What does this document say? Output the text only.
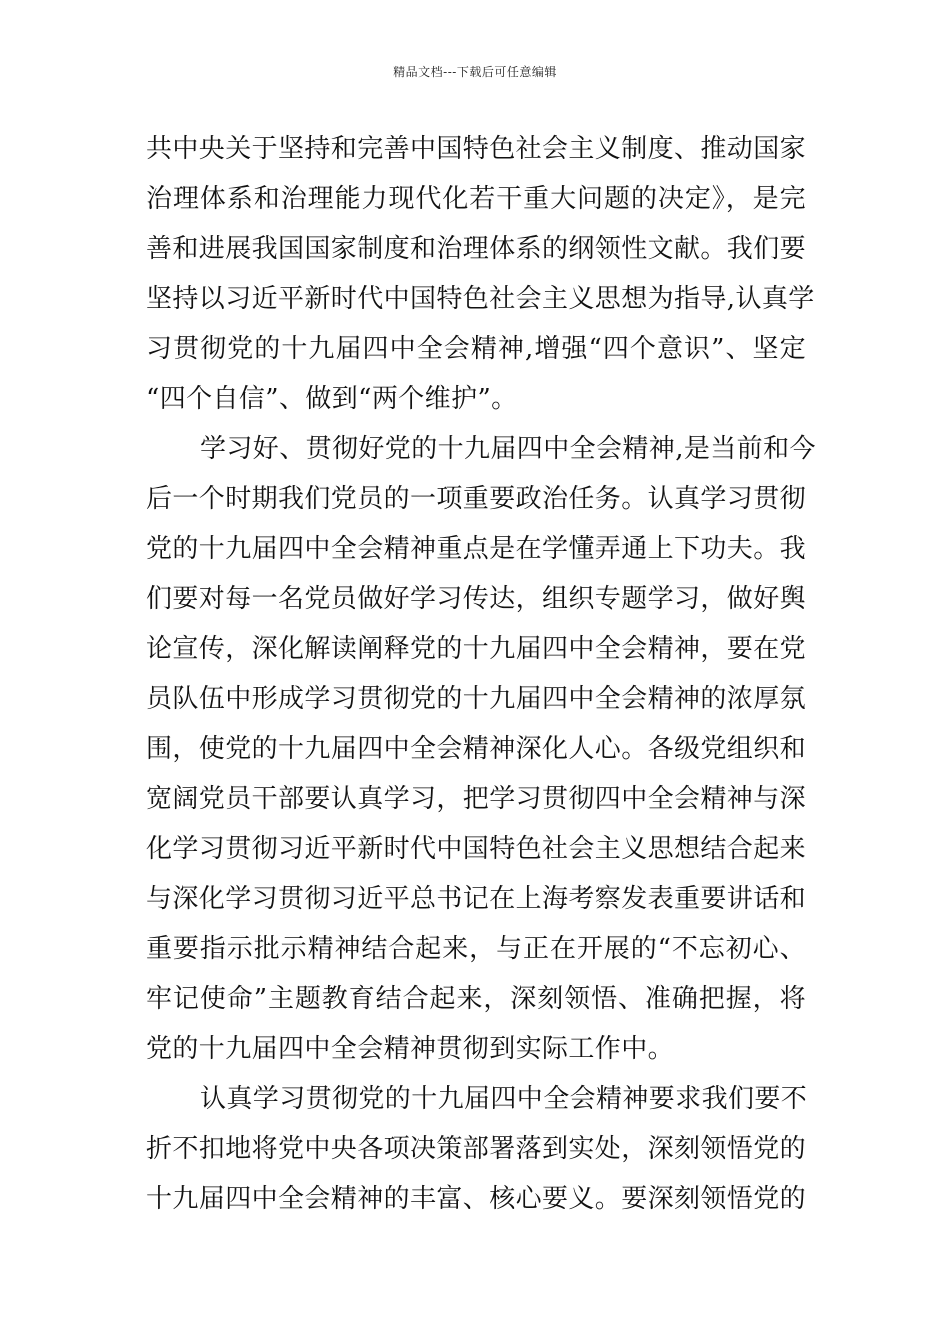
精品文档---下载后可任意编辑
共中央关于坚持和完善中国特色社会主义制度、推动国家
治理体系和治理能力现代化若干重大问题的决定》，是完
善和进展我国国家制度和治理体系的纲领性文献。我们要
坚持以习近平新时代中国特色社会主义思想为指导,认真学
习贯彻党的十九届四中全会精神,增强“四个意识”、坚定
“四个自信”、做到“两个维护”。
学习好、贯彻好党的十九届四中全会精神,是当前和今
后一个时期我们党员的一项重要政治任务。认真学习贯彻
党的十九届四中全会精神重点是在学懂弄通上下功夫。我
们要对每一名党员做好学习传达，组织专题学习，做好舆
论宣传，深化解读阐释党的十九届四中全会精神，要在党
员队伍中形成学习贯彻党的十九届四中全会精神的浓厚氛
围，使党的十九届四中全会精神深化人心。各级党组织和
宽阔党员干部要认真学习，把学习贯彻四中全会精神与深
化学习贯彻习近平新时代中国特色社会主义思想结合起来
与深化学习贯彻习近平总书记在上海考察发表重要讲话和
重要指示批示精神结合起来，与正在开展的“不忘初心、
牢记使命”主题教育结合起来，深刻领悟、准确把握，将
党的十九届四中全会精神贯彻到实际工作中。
认真学习贯彻党的十九届四中全会精神要求我们要不
折不扣地将党中央各项决策部署落到实处，深刻领悟党的
十九届四中全会精神的丰富、核心要义。要深刻领悟党的
